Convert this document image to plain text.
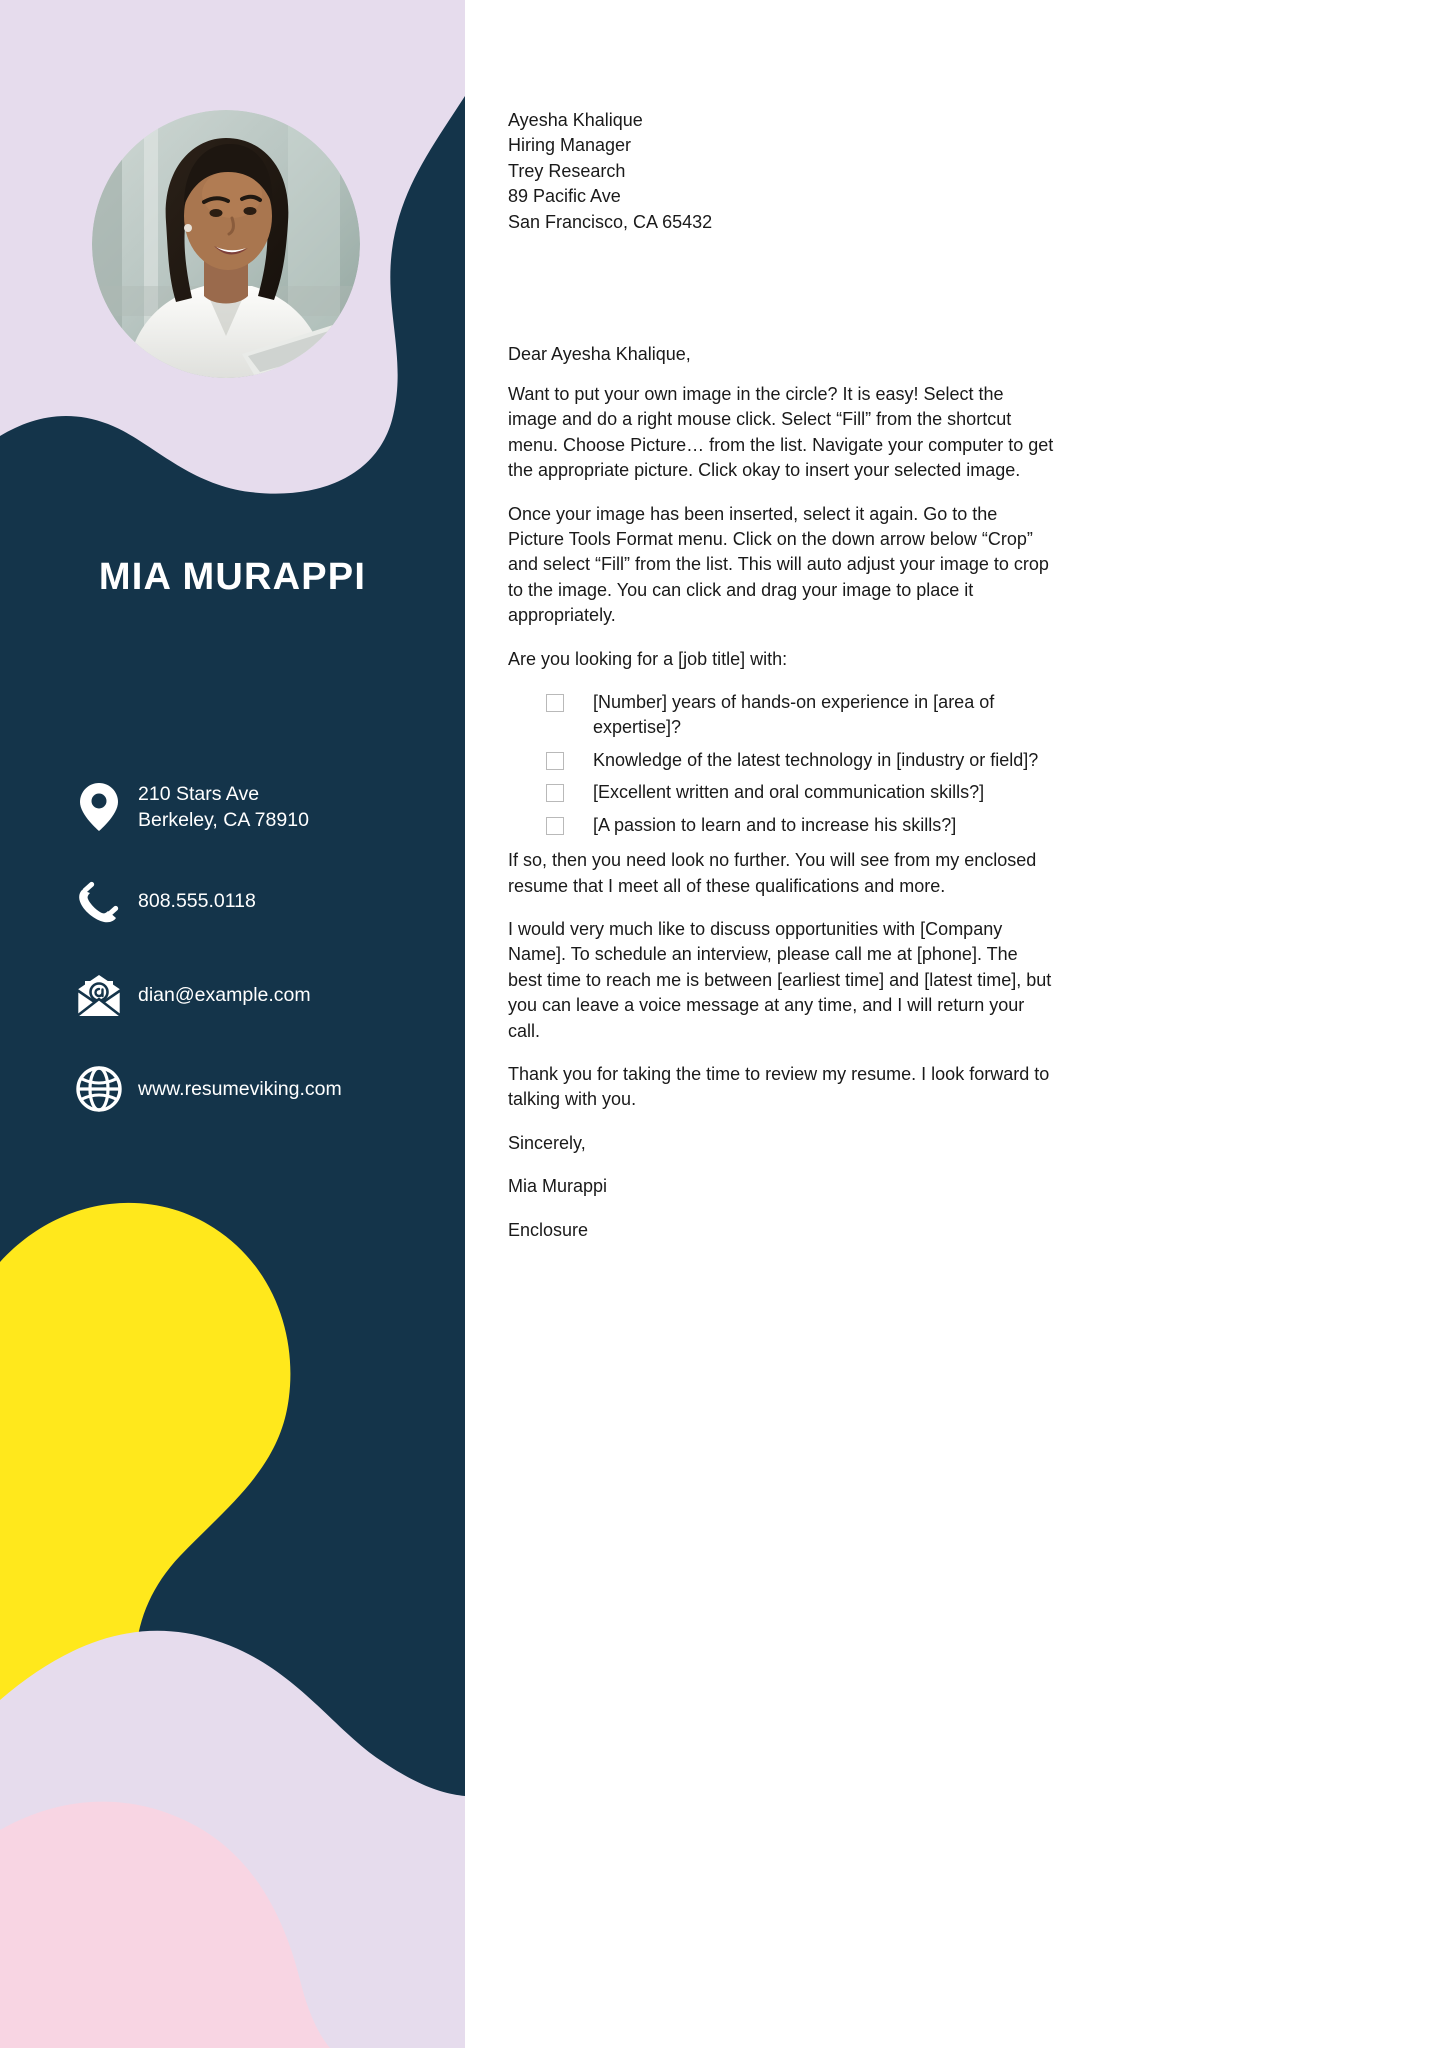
MIA MURAPPI
210 Stars Ave
Berkeley, CA 78910
808.555.0118
dian@example.com
www.resumeviking.com
Ayesha Khalique
Hiring Manager
Trey Research
89 Pacific Ave
San Francisco, CA 65432
Dear Ayesha Khalique,

Want to put your own image in the circle? It is easy! Select the image and do a right mouse click. Select “Fill” from the shortcut menu. Choose Picture… from the list. Navigate your computer to get the appropriate picture. Click okay to insert your selected image.

Once your image has been inserted, select it again. Go to the Picture Tools Format menu. Click on the down arrow below “Crop” and select “Fill” from the list. This will auto adjust your image to crop to the image. You can click and drag your image to place it appropriately.

Are you looking for a [job title] with:

[Number] years of hands-on experience in [area of expertise]?
Knowledge of the latest technology in [industry or field]?
[Excellent written and oral communication skills?]
[A passion to learn and to increase his skills?]

If so, then you need look no further. You will see from my enclosed resume that I meet all of these qualifications and more.

I would very much like to discuss opportunities with [Company Name]. To schedule an interview, please call me at [phone]. The best time to reach me is between [earliest time] and [latest time], but you can leave a voice message at any time, and I will return your call.

Thank you for taking the time to review my resume. I look forward to talking with you.

Sincerely,

Mia Murappi

Enclosure
